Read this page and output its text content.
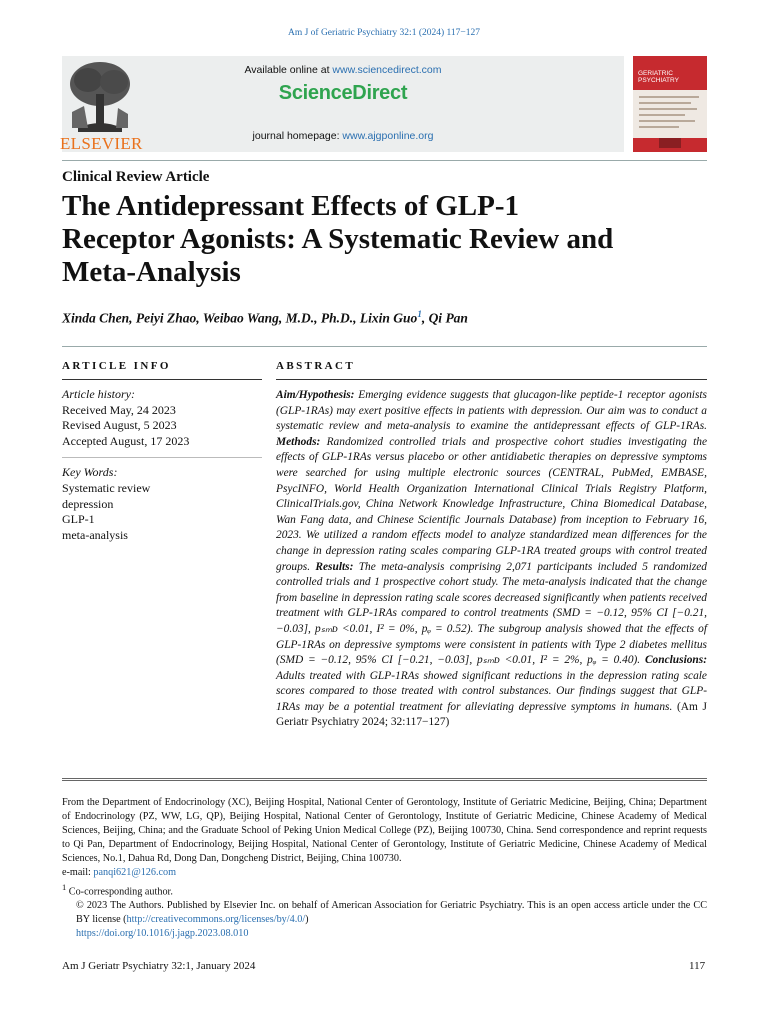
Am J of Geriatric Psychiatry 32:1 (2024) 117−127
ELSEVIER
Available online at www.sciencedirect.com
ScienceDirect
journal homepage: www.ajgponline.org
GERIATRIC
PSYCHIATRY
Clinical Review Article
The Antidepressant Effects of GLP-1 Receptor Agonists: A Systematic Review and Meta-Analysis
Xinda Chen, Peiyi Zhao, Weibao Wang, M.D., Ph.D., Lixin Guo$^1$, Qi Pan
ARTICLE INFO	ABSTRACT
Article history:
Received May, 24 2023
Revised August, 5 2023
Accepted August, 17 2023
Key Words:
Systematic review
depression
GLP-1
meta-analysis
Aim/Hypothesis: Emerging evidence suggests that glucagon-like peptide-1 receptor agonists (GLP-1RAs) may exert positive effects in patients with depression. Our aim was to conduct a systematic review and meta-analysis to examine the antidepressant effects of GLP-1RAs. Methods: Randomized controlled trials and prospective cohort studies investigating the effects of GLP-1RAs versus placebo or other antidiabetic therapies on depressive symptoms were searched for using multiple electronic sources (CENTRAL, PubMed, EMBASE, PsycINFO, World Health Organization International Clinical Trials Registry Platform, ClinicalTrials.gov, China Network Knowledge Infrastructure, China Biomedical Database, Wan Fang data, and Chinese Scientific Journals Database) from inception to February 16, 2023. We utilized a random effects model to analyze standardized mean differences for the change in depression rating scales comparing GLP-1RA treated groups with control treated groups. Results: The meta-analysis comprising 2,071 participants included 5 randomized controlled trials and 1 prospective cohort study. The meta-analysis indicated that the change from baseline in depression rating scale scores decreased significantly when patients received treatment with GLP-1RAs compared to control treatments (SMD = −0.12, 95% CI [−0.21, −0.03], pₛₘᴅ <0.01, I² = 0%, pᵩ = 0.52). The subgroup analysis showed that the effects of GLP-1RAs on depressive symptoms were consistent in patients with Type 2 diabetes mellitus (SMD = −0.12, 95% CI [−0.21, −0.03], pₛₘᴅ <0.01, I² = 2%, pᵩ = 0.40). Conclusions: Adults treated with GLP-1RAs showed significant reductions in the depression rating scale scores compared to those treated with control substances. Our findings suggest that GLP-1RAs may be a potential treatment for alleviating depressive symptoms in humans. (Am J Geriatr Psychiatry 2024; 32:117−127)

From the Department of Endocrinology (XC), Beijing Hospital, National Center of Gerontology, Institute of Geriatric Medicine, Beijing, China; Department of Endocrinology (PZ, WW, LG, QP), Beijing Hospital, National Center of Gerontology, Institute of Geriatric Medicine, Chinese Academy of Medical Sciences, Beijing, China; and the Graduate School of Peking Union Medical College (PZ), Beijing 100730, China. Send correspondence and reprint requests to Qi Pan, Department of Endocrinology, Beijing Hospital, National Center of Gerontology, Institute of Geriatric Medicine, Chinese Academy of Medical Sciences, No.1, Dahua Rd, Dong Dan, Dongcheng District, Beijing, China 100730.

e-mail: panqi621@126.com

$^1$ Co-corresponding author.

© 2023 The Authors. Published by Elsevier Inc. on behalf of American Association for Geriatric Psychiatry. This is an open access article under the CC BY license (http://creativecommons.org/licenses/by/4.0/)

https://doi.org/10.1016/j.jagp.2023.08.010

Am J Geriatr Psychiatry 32:1, January 2024	117
